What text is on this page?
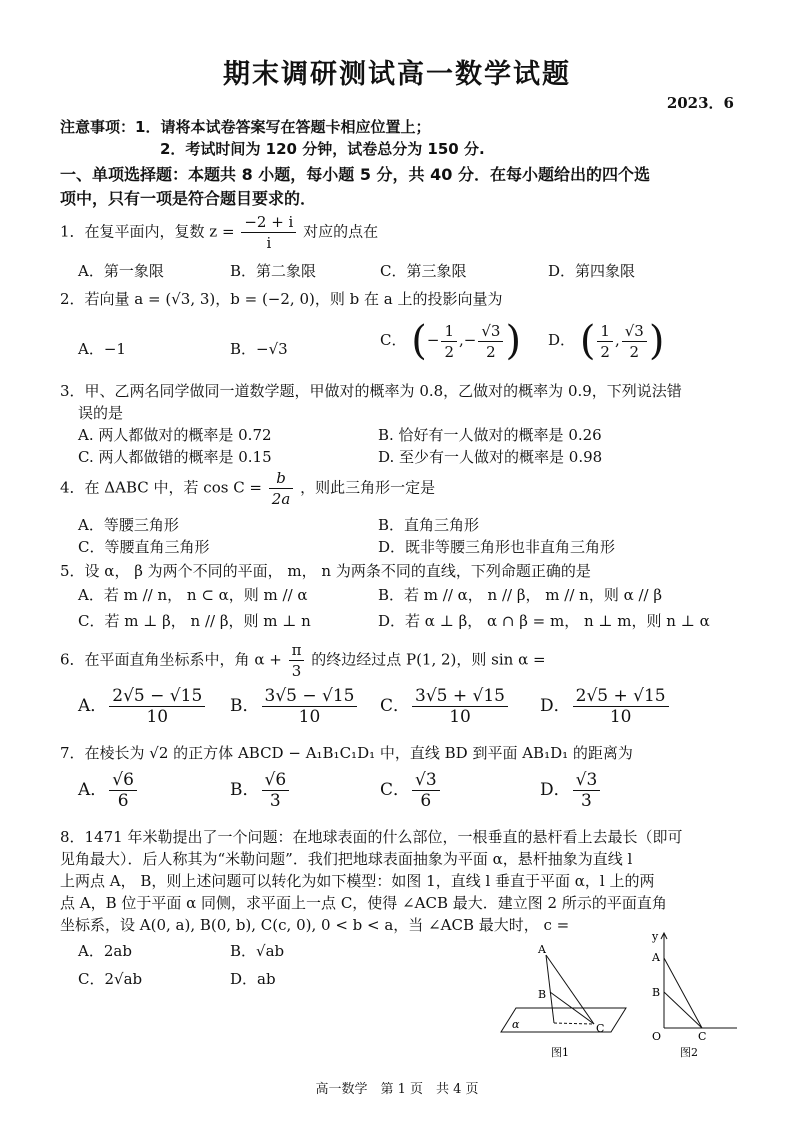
期末调研测试高一数学试题
2023．6
注意事项：1．请将本试卷答案写在答题卡相应位置上；
2．考试时间为 120 分钟，试卷总分为 150 分.
一、单项选择题：本题共 8 小题，每小题 5 分，共 40 分．在每小题给出的四个选
项中，只有一项是符合题目要求的．
1．在复平面内，复数 $z = \frac{-2 + i}{i}$ 对应的点在
A．第一象限	B．第二象限	C．第三象限	D．第四象限
2．若向量 a = (√3, 3)，b = (−2, 0)，则 b 在 a 上的投影向量为
A．−1	B．−√3	C． (− $\frac{1}{2}$ ,− $\frac{√3}{2}$ ) D． ( $\frac{1}{2}$ , $\frac{√3}{2}$ )
3．甲、乙两名同学做同一道数学题，甲做对的概率为 0.8，乙做对的概率为 0.9，下列说法错
误的是
A. 两人都做对的概率是 0.72	B. 恰好有一人做对的概率是 0.26
C. 两人都做错的概率是 0.15	D. 至少有一人做对的概率是 0.98
4．在 ΔABC 中，若 $\cos C = \frac{b}{2a}$ ，则此三角形一定是
A．等腰三角形	B．直角三角形
C．等腰直角三角形	D．既非等腰三角形也非直角三角形
5．设 α， β 为两个不同的平面， m， n 为两条不同的直线，下列命题正确的是
A．若 m // n， n ⊂ α，则 m // α	B．若 m // α， n // β， m // n，则 α // β
C．若 m ⊥ β， n // β，则 m ⊥ n	D．若 α ⊥ β， α ∩ β = m， n ⊥ m，则 n ⊥ α
6．在平面直角坐标系中，角 $\alpha + \frac{\pi}{3}$ 的终边经过点 P(1, 2)，则 sin α =
A． $\frac{2√5 - √15}{10}$ B． $\frac{3√5 - √15}{10}$ C． $\frac{3√5 + √15}{10}$ D． $\frac{2√5 + √15}{10}$
7．在棱长为 √2 的正方体 ABCD − A₁B₁C₁D₁ 中，直线 BD 到平面 AB₁D₁ 的距离为
A． $\frac{√6}{6}$	B． $\frac{√6}{3}$	C． $\frac{√3}{6}$	D． $\frac{√3}{3}$
8．1471 年米勒提出了一个问题：在地球表面的什么部位，一根垂直的悬杆看上去最长（即可
见角最大）．后人称其为“米勒问题”．我们把地球表面抽象为平面 α，悬杆抽象为直线 l
上两点 A， B，则上述问题可以转化为如下模型：如图 1，直线 l 垂直于平面 α，l 上的两
点 A，B 位于平面 α 同侧，求平面上一点 C，使得 ∠ACB 最大．建立图 2 所示的平面直角
坐标系，设 A(0, a), B(0, b), C(c, 0), 0 < b < a，当 ∠ACB 最大时， c =
A．2ab	B．√ab
C．2√ab	D．ab
A
B
C
α
图1
y
A
B
O	C
图2
高一数学　第 1 页　共 4 页
